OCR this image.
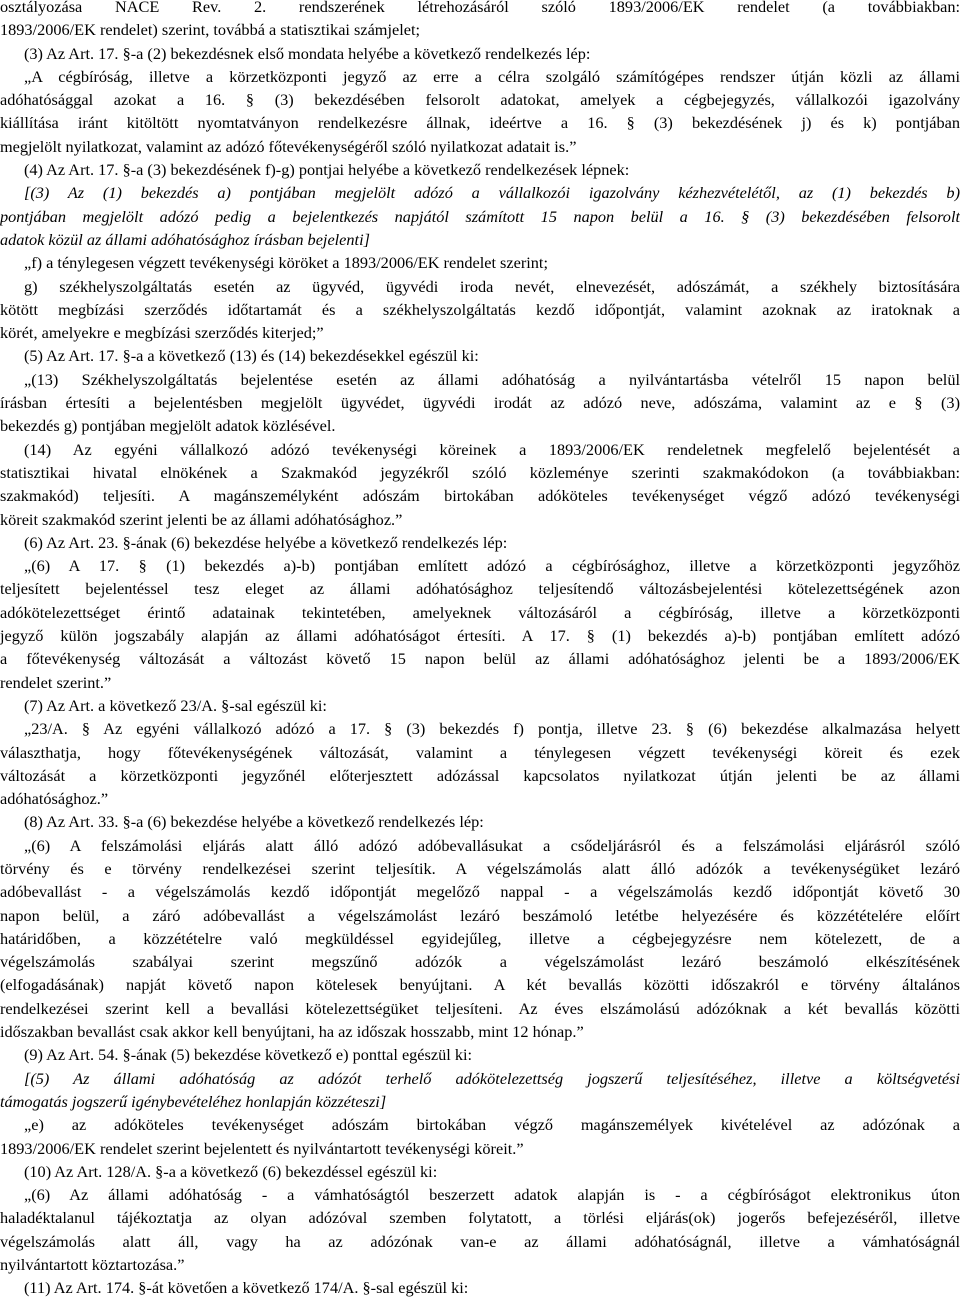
osztályozása NACE Rev. 2. rendszerének létrehozásáról szóló 1893/2006/EK rendelet (a továbbiakban:
1893/2006/EK rendelet) szerint, továbbá a statisztikai számjelet;
(3) Az Art. 17. §-a (2) bekezdésnek első mondata helyébe a következő rendelkezés lép:
„A cégbíróság, illetve a körzetközponti jegyző az erre a célra szolgáló számítógépes rendszer útján közli az állami
adóhatósággal azokat a 16. § (3) bekezdésében felsorolt adatokat, amelyek a cégbejegyzés, vállalkozói igazolvány
kiállítása iránt kitöltött nyomtatványon rendelkezésre állnak, ideértve a 16. § (3) bekezdésének j) és k) pontjában
megjelölt nyilatkozat, valamint az adózó főtevékenységéről szóló nyilatkozat adatait is.”
(4) Az Art. 17. §-a (3) bekezdésének f)-g) pontjai helyébe a következő rendelkezések lépnek:
[(3) Az (1) bekezdés a) pontjában megjelölt adózó a vállalkozói igazolvány kézhezvételétől, az (1) bekezdés b)
pontjában megjelölt adózó pedig a bejelentkezés napjától számított 15 napon belül a 16. § (3) bekezdésében felsorolt
adatok közül az állami adóhatósághoz írásban bejelenti]
„f) a ténylegesen végzett tevékenységi köröket a 1893/2006/EK rendelet szerint;
g) székhelyszolgáltatás esetén az ügyvéd, ügyvédi iroda nevét, elnevezését, adószámát, a székhely biztosítására
kötött megbízási szerződés időtartamát és a székhelyszolgáltatás kezdő időpontját, valamint azoknak az iratoknak a
körét, amelyekre e megbízási szerződés kiterjed;”
(5) Az Art. 17. §-a a következő (13) és (14) bekezdésekkel egészül ki:
„(13) Székhelyszolgáltatás bejelentése esetén az állami adóhatóság a nyilvántartásba vételről 15 napon belül
írásban értesíti a bejelentésben megjelölt ügyvédet, ügyvédi irodát az adózó neve, adószáma, valamint az e § (3)
bekezdés g) pontjában megjelölt adatok közlésével.
(14) Az egyéni vállalkozó adózó tevékenységi köreinek a 1893/2006/EK rendeletnek megfelelő bejelentését a
statisztikai hivatal elnökének a Szakmakód jegyzékről szóló közleménye szerinti szakmakódokon (a továbbiakban:
szakmakód) teljesíti. A magánszemélyként adószám birtokában adóköteles tevékenységet végző adózó tevékenységi
köreit szakmakód szerint jelenti be az állami adóhatósághoz.”
(6) Az Art. 23. §-ának (6) bekezdése helyébe a következő rendelkezés lép:
„(6) A 17. § (1) bekezdés a)-b) pontjában említett adózó a cégbírósághoz, illetve a körzetközponti jegyzőhöz
teljesített bejelentéssel tesz eleget az állami adóhatósághoz teljesítendő változásbejelentési kötelezettségének azon
adókötelezettséget érintő adatainak tekintetében, amelyeknek változásáról a cégbíróság, illetve a körzetközponti
jegyző külön jogszabály alapján az állami adóhatóságot értesíti. A 17. § (1) bekezdés a)-b) pontjában említett adózó
a főtevékenység változását a változást követő 15 napon belül az állami adóhatósághoz jelenti be a 1893/2006/EK
rendelet szerint.”
(7) Az Art. a következő 23/A. §-sal egészül ki:
„23/A. § Az egyéni vállalkozó adózó a 17. § (3) bekezdés f) pontja, illetve 23. § (6) bekezdése alkalmazása helyett
választhatja, hogy főtevékenységének változását, valamint a ténylegesen végzett tevékenységi köreit és ezek
változását a körzetközponti jegyzőnél előterjesztett adózással kapcsolatos nyilatkozat útján jelenti be az állami
adóhatósághoz.”
(8) Az Art. 33. §-a (6) bekezdése helyébe a következő rendelkezés lép:
„(6) A felszámolási eljárás alatt álló adózó adóbevallásukat a csődeljárásról és a felszámolási eljárásról szóló
törvény és e törvény rendelkezései szerint teljesítik. A végelszámolás alatt álló adózók a tevékenységüket lezáró
adóbevallást - a végelszámolás kezdő időpontját megelőző nappal - a végelszámolás kezdő időpontját követő 30
napon belül, a záró adóbevallást a végelszámolást lezáró beszámoló letétbe helyezésére és közzétételére előírt
határidőben, a közzétételre való megküldéssel egyidejűleg, illetve a cégbejegyzésre nem kötelezett, de a
végelszámolás szabályai szerint megszűnő adózók a végelszámolást lezáró beszámoló elkészítésének
(elfogadásának) napját követő napon kötelesek benyújtani. A két bevallás közötti időszakról e törvény általános
rendelkezései szerint kell a bevallási kötelezettségüket teljesíteni. Az éves elszámolású adózóknak a két bevallás közötti
időszakban bevallást csak akkor kell benyújtani, ha az időszak hosszabb, mint 12 hónap.”
(9) Az Art. 54. §-ának (5) bekezdése következő e) ponttal egészül ki:
[(5) Az állami adóhatóság az adózót terhelő adókötelezettség jogszerű teljesítéséhez, illetve a költségvetési
támogatás jogszerű igénybevételéhez honlapján közzéteszi]
„e) az adóköteles tevékenységet adószám birtokában végző magánszemélyek kivételével az adózónak a
1893/2006/EK rendelet szerint bejelentett és nyilvántartott tevékenységi köreit.”
(10) Az Art. 128/A. §-a a következő (6) bekezdéssel egészül ki:
„(6) Az állami adóhatóság - a vámhatóságtól beszerzett adatok alapján is - a cégbíróságot elektronikus úton
haladéktalanul tájékoztatja az olyan adózóval szemben folytatott, a törlési eljárás(ok) jogerős befejezéséről, illetve
végelszámolás alatt áll, vagy ha az adózónak van-e az állami adóhatóságnál, illetve a vámhatóságnál
nyilvántartott köztartozása.”
(11) Az Art. 174. §-át követően a következő 174/A. §-sal egészül ki:
